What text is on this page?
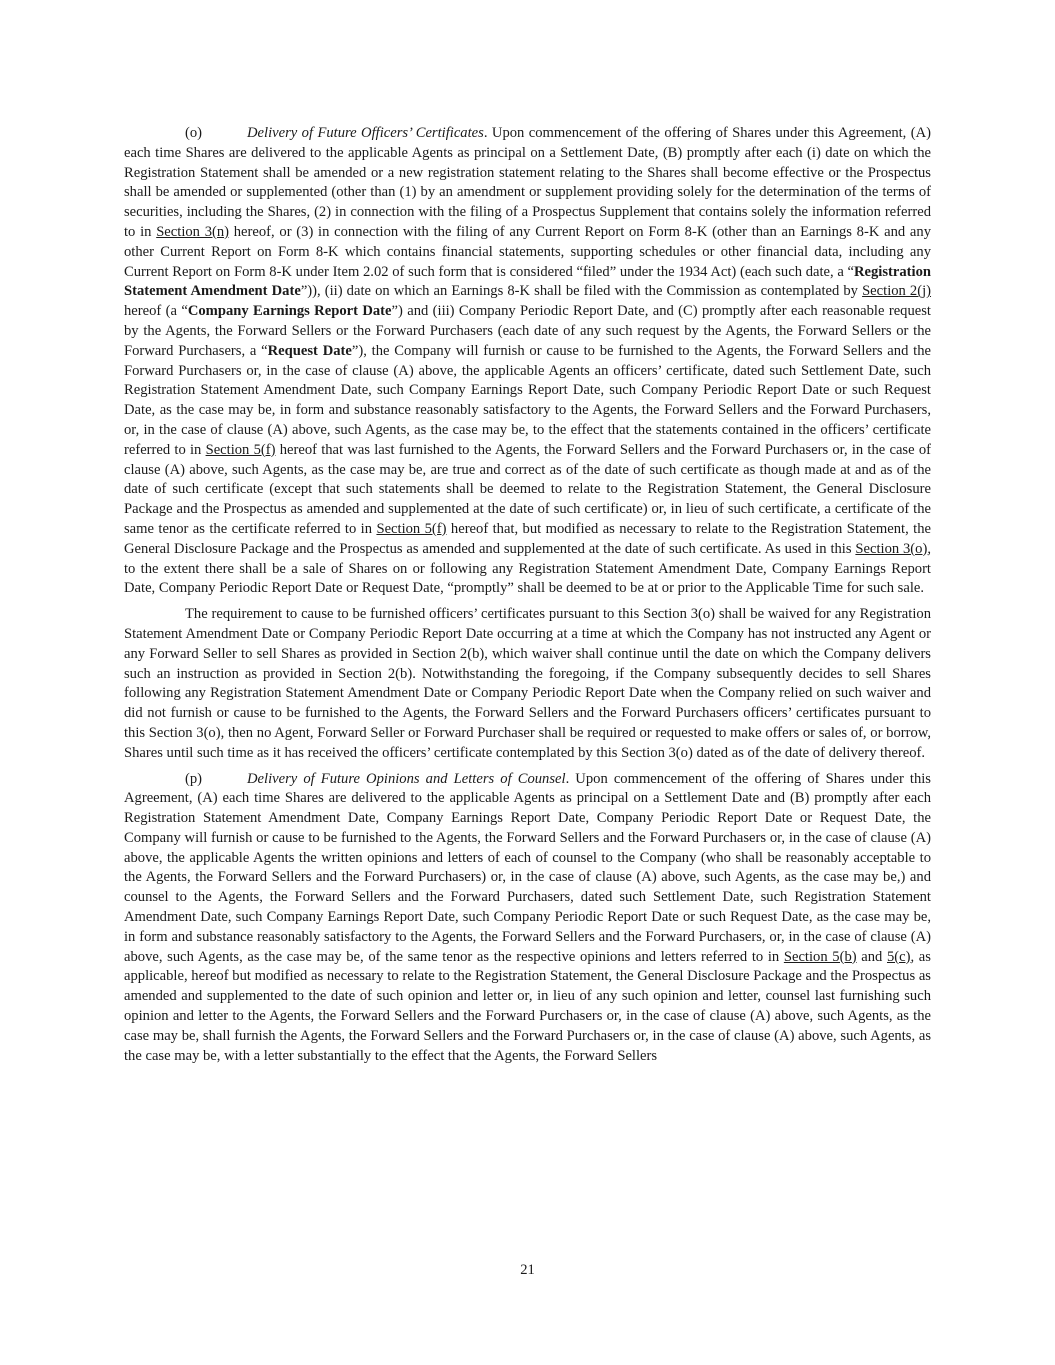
(o)	Delivery of Future Officers’ Certificates. Upon commencement of the offering of Shares under this Agreement, (A) each time Shares are delivered to the applicable Agents as principal on a Settlement Date, (B) promptly after each (i) date on which the Registration Statement shall be amended or a new registration statement relating to the Shares shall become effective or the Prospectus shall be amended or supplemented (other than (1) by an amendment or supplement providing solely for the determination of the terms of securities, including the Shares, (2) in connection with the filing of a Prospectus Supplement that contains solely the information referred to in Section 3(n) hereof, or (3) in connection with the filing of any Current Report on Form 8-K (other than an Earnings 8-K and any other Current Report on Form 8-K which contains financial statements, supporting schedules or other financial data, including any Current Report on Form 8-K under Item 2.02 of such form that is considered “filed” under the 1934 Act) (each such date, a “Registration Statement Amendment Date”)), (ii) date on which an Earnings 8-K shall be filed with the Commission as contemplated by Section 2(j) hereof (a “Company Earnings Report Date”) and (iii) Company Periodic Report Date, and (C) promptly after each reasonable request by the Agents, the Forward Sellers or the Forward Purchasers (each date of any such request by the Agents, the Forward Sellers or the Forward Purchasers, a “Request Date”), the Company will furnish or cause to be furnished to the Agents, the Forward Sellers and the Forward Purchasers or, in the case of clause (A) above, the applicable Agents an officers’ certificate, dated such Settlement Date, such Registration Statement Amendment Date, such Company Earnings Report Date, such Company Periodic Report Date or such Request Date, as the case may be, in form and substance reasonably satisfactory to the Agents, the Forward Sellers and the Forward Purchasers, or, in the case of clause (A) above, such Agents, as the case may be, to the effect that the statements contained in the officers’ certificate referred to in Section 5(f) hereof that was last furnished to the Agents, the Forward Sellers and the Forward Purchasers or, in the case of clause (A) above, such Agents, as the case may be, are true and correct as of the date of such certificate as though made at and as of the date of such certificate (except that such statements shall be deemed to relate to the Registration Statement, the General Disclosure Package and the Prospectus as amended and supplemented at the date of such certificate) or, in lieu of such certificate, a certificate of the same tenor as the certificate referred to in Section 5(f) hereof that, but modified as necessary to relate to the Registration Statement, the General Disclosure Package and the Prospectus as amended and supplemented at the date of such certificate. As used in this Section 3(o), to the extent there shall be a sale of Shares on or following any Registration Statement Amendment Date, Company Earnings Report Date, Company Periodic Report Date or Request Date, “promptly” shall be deemed to be at or prior to the Applicable Time for such sale.

The requirement to cause to be furnished officers’ certificates pursuant to this Section 3(o) shall be waived for any Registration Statement Amendment Date or Company Periodic Report Date occurring at a time at which the Company has not instructed any Agent or any Forward Seller to sell Shares as provided in Section 2(b), which waiver shall continue until the date on which the Company delivers such an instruction as provided in Section 2(b). Notwithstanding the foregoing, if the Company subsequently decides to sell Shares following any Registration Statement Amendment Date or Company Periodic Report Date when the Company relied on such waiver and did not furnish or cause to be furnished to the Agents, the Forward Sellers and the Forward Purchasers officers’ certificates pursuant to this Section 3(o), then no Agent, Forward Seller or Forward Purchaser shall be required or requested to make offers or sales of, or borrow, Shares until such time as it has received the officers’ certificate contemplated by this Section 3(o) dated as of the date of delivery thereof.

(p)	Delivery of Future Opinions and Letters of Counsel. Upon commencement of the offering of Shares under this Agreement, (A) each time Shares are delivered to the applicable Agents as principal on a Settlement Date and (B) promptly after each Registration Statement Amendment Date, Company Earnings Report Date, Company Periodic Report Date or Request Date, the Company will furnish or cause to be furnished to the Agents, the Forward Sellers and the Forward Purchasers or, in the case of clause (A) above, the applicable Agents the written opinions and letters of each of counsel to the Company (who shall be reasonably acceptable to the Agents, the Forward Sellers and the Forward Purchasers) or, in the case of clause (A) above, such Agents, as the case may be,) and counsel to the Agents, the Forward Sellers and the Forward Purchasers, dated such Settlement Date, such Registration Statement Amendment Date, such Company Earnings Report Date, such Company Periodic Report Date or such Request Date, as the case may be, in form and substance reasonably satisfactory to the Agents, the Forward Sellers and the Forward Purchasers, or, in the case of clause (A) above, such Agents, as the case may be, of the same tenor as the respective opinions and letters referred to in Section 5(b) and 5(c), as applicable, hereof but modified as necessary to relate to the Registration Statement, the General Disclosure Package and the Prospectus as amended and supplemented to the date of such opinion and letter or, in lieu of any such opinion and letter, counsel last furnishing such opinion and letter to the Agents, the Forward Sellers and the Forward Purchasers or, in the case of clause (A) above, such Agents, as the case may be, shall furnish the Agents, the Forward Sellers and the Forward Purchasers or, in the case of clause (A) above, such Agents, as the case may be, with a letter substantially to the effect that the Agents, the Forward Sellers

21
